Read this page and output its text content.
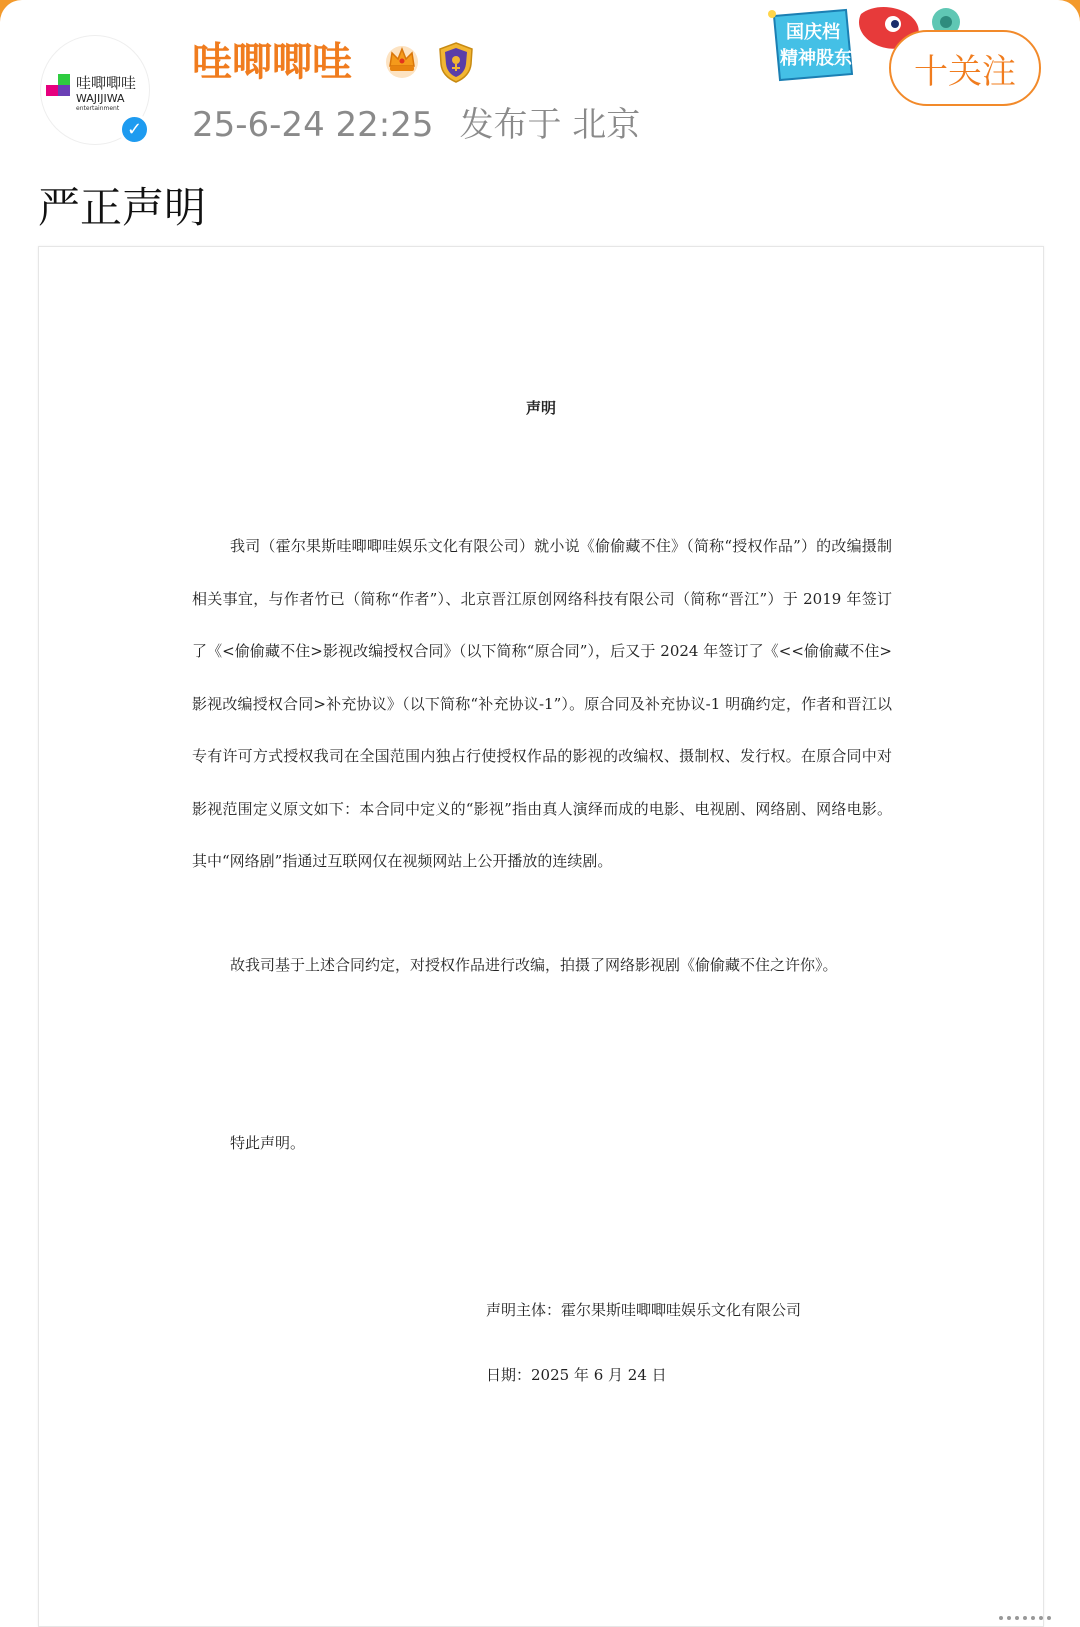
哇唧唧哇
WAJIJIWA
entertainment
✓
哇唧唧哇
25-6-24 22:25 发布于 北京
国庆档
精神股东	十关注
严正声明
声明
我司（霍尔果斯哇唧唧哇娱乐文化有限公司）就小说《偷偷藏不住》（简称“授权作品”）的改编摄制相关事宜，与作者竹已（简称“作者”）、北京晋江原创网络科技有限公司（简称“晋江”）于 2019 年签订了《<偷偷藏不住>影视改编授权合同》（以下简称“原合同”），后又于 2024 年签订了《<<偷偷藏不住>影视改编授权合同>补充协议》（以下简称“补充协议-1”）。原合同及补充协议-1 明确约定，作者和晋江以专有许可方式授权我司在全国范围内独占行使授权作品的影视的改编权、摄制权、发行权。在原合同中对影视范围定义原文如下：本合同中定义的“影视”指由真人演绎而成的电影、电视剧、网络剧、网络电影。其中“网络剧”指通过互联网仅在视频网站上公开播放的连续剧。
故我司基于上述合同约定，对授权作品进行改编，拍摄了网络影视剧《偷偷藏不住之许你》。
特此声明。
声明主体：霍尔果斯哇唧唧哇娱乐文化有限公司
日期：2025 年 6 月 24 日
